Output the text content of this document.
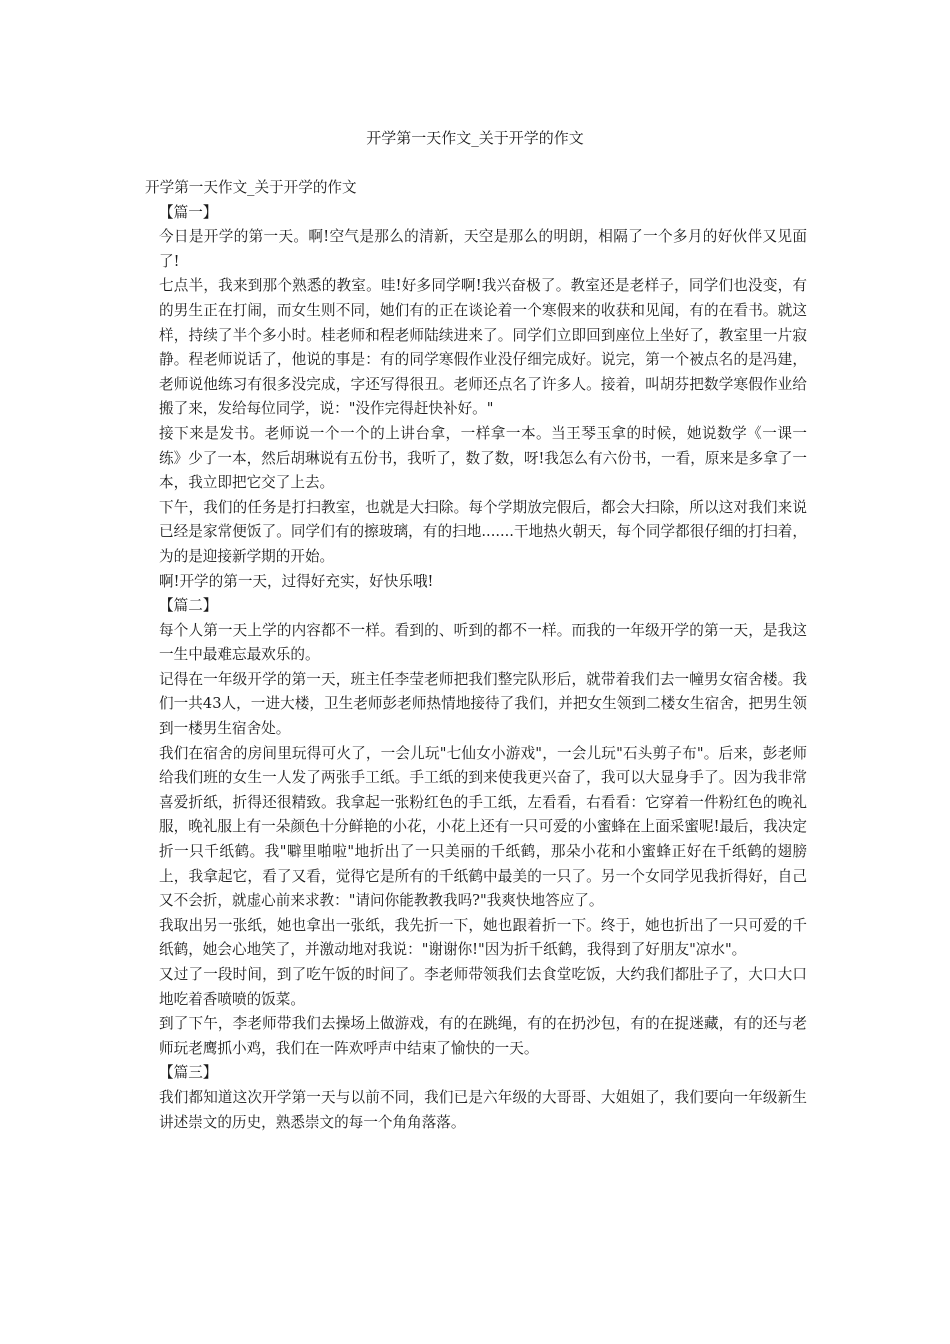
开学第一天作文_关于开学的作文

开学第一天作文_关于开学的作文

【篇一】

今日是开学的第一天。啊!空气是那么的清新，天空是那么的明朗，相隔了一个多月的好伙伴又见面了!

七点半，我来到那个熟悉的教室。哇!好多同学啊!我兴奋极了。教室还是老样子，同学们也没变，有的男生正在打闹，而女生则不同，她们有的正在谈论着一个寒假来的收获和见闻，有的在看书。就这样，持续了半个多小时。桂老师和程老师陆续进来了。同学们立即回到座位上坐好了，教室里一片寂静。程老师说话了，他说的事是：有的同学寒假作业没仔细完成好。说完，第一个被点名的是冯建，老师说他练习有很多没完成，字还写得很丑。老师还点名了许多人。接着，叫胡芬把数学寒假作业给搬了来，发给每位同学，说："没作完得赶快补好。"

接下来是发书。老师说一个一个的上讲台拿，一样拿一本。当王琴玉拿的时候，她说数学《一课一练》少了一本，然后胡琳说有五份书，我听了，数了数，呀!我怎么有六份书，一看，原来是多拿了一本，我立即把它交了上去。

下午，我们的任务是打扫教室，也就是大扫除。每个学期放完假后，都会大扫除，所以这对我们来说已经是家常便饭了。同学们有的擦玻璃，有的扫地.......干地热火朝天，每个同学都很仔细的打扫着，为的是迎接新学期的开始。

啊!开学的第一天，过得好充实，好快乐哦!

【篇二】

每个人第一天上学的内容都不一样。看到的、听到的都不一样。而我的一年级开学的第一天，是我这一生中最难忘最欢乐的。

记得在一年级开学的第一天，班主任李莹老师把我们整完队形后，就带着我们去一幢男女宿舍楼。我们一共43人，一进大楼，卫生老师彭老师热情地接待了我们，并把女生领到二楼女生宿舍，把男生领到一楼男生宿舍处。

我们在宿舍的房间里玩得可火了，一会儿玩"七仙女小游戏"，一会儿玩"石头剪子布"。后来，彭老师给我们班的女生一人发了两张手工纸。手工纸的到来使我更兴奋了，我可以大显身手了。因为我非常喜爱折纸，折得还很精致。我拿起一张粉红色的手工纸，左看看，右看看：它穿着一件粉红色的晚礼服，晚礼服上有一朵颜色十分鲜艳的小花，小花上还有一只可爱的小蜜蜂在上面采蜜呢!最后，我决定折一只千纸鹤。我"噼里啪啦"地折出了一只美丽的千纸鹤，那朵小花和小蜜蜂正好在千纸鹤的翅膀上，我拿起它，看了又看，觉得它是所有的千纸鹤中最美的一只了。另一个女同学见我折得好，自己又不会折，就虚心前来求教："请问你能教教我吗?"我爽快地答应了。

我取出另一张纸，她也拿出一张纸，我先折一下，她也跟着折一下。终于，她也折出了一只可爱的千纸鹤，她会心地笑了，并激动地对我说："谢谢你!"因为折千纸鹤，我得到了好朋友"凉水"。

又过了一段时间，到了吃午饭的时间了。李老师带领我们去食堂吃饭，大约我们都肚子了，大口大口地吃着香喷喷的饭菜。

到了下午，李老师带我们去操场上做游戏，有的在跳绳，有的在扔沙包，有的在捉迷藏，有的还与老师玩老鹰抓小鸡，我们在一阵欢呼声中结束了愉快的一天。

【篇三】

我们都知道这次开学第一天与以前不同，我们已是六年级的大哥哥、大姐姐了，我们要向一年级新生讲述崇文的历史，熟悉崇文的每一个角角落落。
